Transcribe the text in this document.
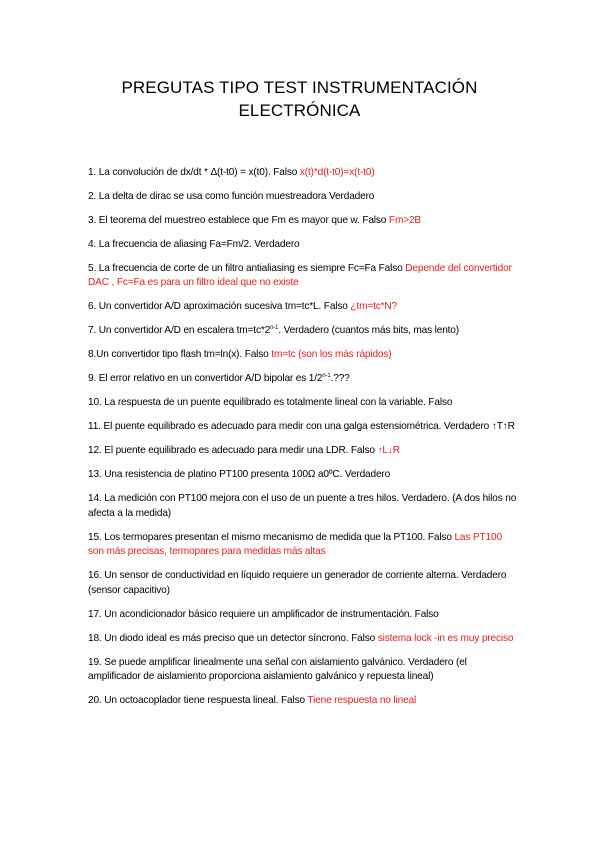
PREGUTAS TIPO TEST INSTRUMENTACIÓN
ELECTRÓNICA
1. La convolución de dx/dt * Δ(t-t0) = x(t0). Falso x(t)*d(t-t0)=x(t-t0)
2. La delta de dirac se usa como función muestreadora Verdadero
3. El teorema del muestreo establece que Fm es mayor que w. Falso Fm>2B
4. La frecuencia de aliasing Fa=Fm/2. Verdadero
5. La frecuencia de corte de un filtro antialiasing es siempre Fc=Fa Falso Depende del convertidor DAC , Fc=Fa es para un filtro ideal que no existe
6. Un convertidor A/D aproximación sucesiva tm=tc*L. Falso ¿tm=tc*N?
7. Un convertidor A/D en escalera $tm=tc*2^{n-1}$. Verdadero (cuantos más bits, mas lento)
8.Un convertidor tipo flash tm=ln(x). Falso tm=tc (son los más rápidos)
9. El error relativo en un convertidor A/D bipolar es 1/2$^{n-1}$.???
10. La respuesta de un puente equilibrado es totalmente lineal con la variable. Falso
11. El puente equilibrado es adecuado para medir con una galga estensiométrica. Verdadero ↑T↑R
12. El puente equilibrado es adecuado para medir una LDR. Falso ↑L↓R
13. Una resistencia de platino PT100 presenta 100Ω a0ºC. Verdadero
14. La medición con PT100 mejora con el uso de un puente a tres hilos. Verdadero. (A dos hilos no afecta a la medida)
15. Los termopares presentan el mismo mecanismo de medida que la PT100. Falso Las PT100 son más precisas, termopares para medidas más altas
16. Un sensor de conductividad en líquido requiere un generador de corriente alterna. Verdadero (sensor capacitivo)
17. Un acondicionador básico requiere un amplificador de instrumentación. Falso
18. Un diodo ideal es más preciso que un detector síncrono. Falso sistema lock -in es muy preciso
19. Se puede amplificar linealmente una señal con aislamiento galvánico. Verdadero (el amplificador de aislamiento proporciona aislamiento galvánico y repuesta lineal)
20. Un octoacoplador tiene respuesta lineal. Falso Tiene respuesta no lineal
